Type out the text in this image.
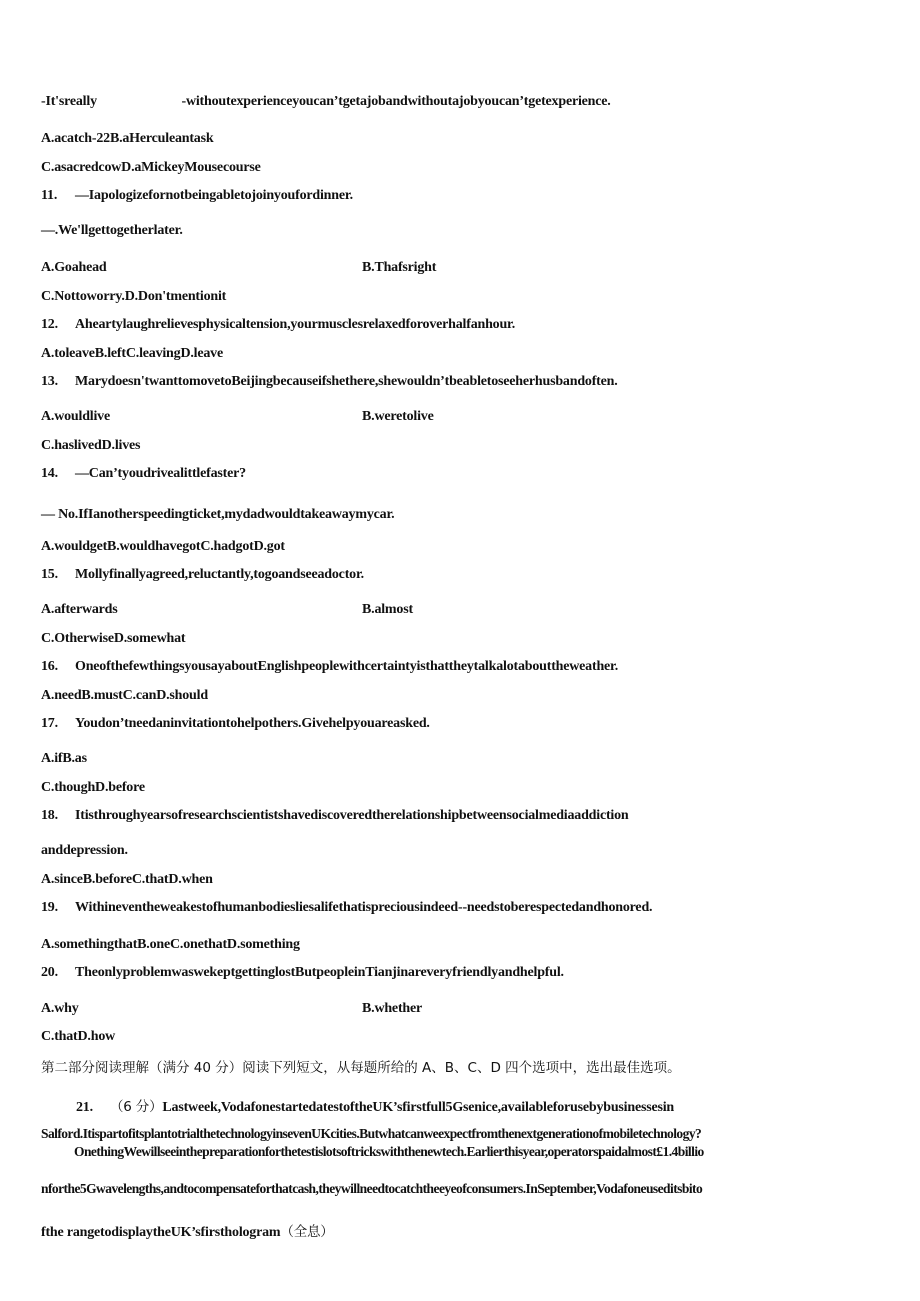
-It'sreally	-withoutexperienceyoucan’tgetajobandwithoutajobyoucan’tgetexperience.
A.acatch-22B.aHerculeantask
C.asacredcowD.aMickeyMousecourse
11. —Iapologizefornotbeingabletojoinyoufordinner.
—.We'llgettogetherlater.
A.Goahead	B.Thafsright
C.Nottoworry.D.Don'tmentionit
12. Aheartylaughrelievesphysicaltension,yourmusclesrelaxedforoverhalfanhour.
A.toleaveB.leftC.leavingD.leave
13. Marydoesn'twanttomovetoBeijingbecauseifshethere,shewouldn’tbeabletoseeherhusbandoften.
A.wouldlive	B.weretolive
C.haslivedD.lives
14. —Can’tyoudrivealittlefaster?
— No.IfIanotherspeedingticket,mydadwouldtakeawaymycar.
A.wouldgetB.wouldhavegotC.hadgotD.got
15. Mollyfinallyagreed,reluctantly,togoandseeadoctor.
A.afterwards	B.almost
C.OtherwiseD.somewhat
16. OneofthefewthingsyousayaboutEnglishpeoplewithcertaintyisthattheytalkalotabouttheweather.
A.needB.mustC.canD.should
17. Youdon’tneedaninvitationtohelpothers.Givehelpyouareasked.
A.ifB.as
C.thoughD.before
18. Itisthroughyearsofresearchscientistshavediscoveredtherelationshipbetweensocialmediaaddiction
anddepression.
A.sinceB.beforeC.thatD.when
19. Withineventheweakestofhumanbodiesliesalifethatispreciousindeed--needstoberespectedandhonored.
A.somethingthatB.oneC.onethatD.something
20. TheonlyproblemwaswekeptgettinglostButpeopleinTianjinareveryfriendlyandhelpful.
A.why	B.whether
C.thatD.how
第二部分阅读理解（满分 40 分）阅读下列短文，从每题所给的 A、B、C、D 四个选项中，选出最佳选项。
21. （6 分）Lastweek,VodafonestartedatestoftheUK’sfirstfull5Gsenice,availableforusebybusinessesin
Salford.ItispartofitsplantotrialthetechnologyinsevenUKcities.Butwhatcanweexpectfromthenextgenerationofmobiletechnology?
OnethingWewillseeinthepreparationforthetestislotsoftrickswiththenewtech.Earlierthisyear,operatorspaidalmost£1.4billio
nforthe5Gwavelengths,andtocompensateforthatcash,theywillneedtocatchtheeyeofconsumers.InSeptember,Vodafoneuseditsbito
fthe rangetodisplaytheUK’sfirsthologram（全息）
